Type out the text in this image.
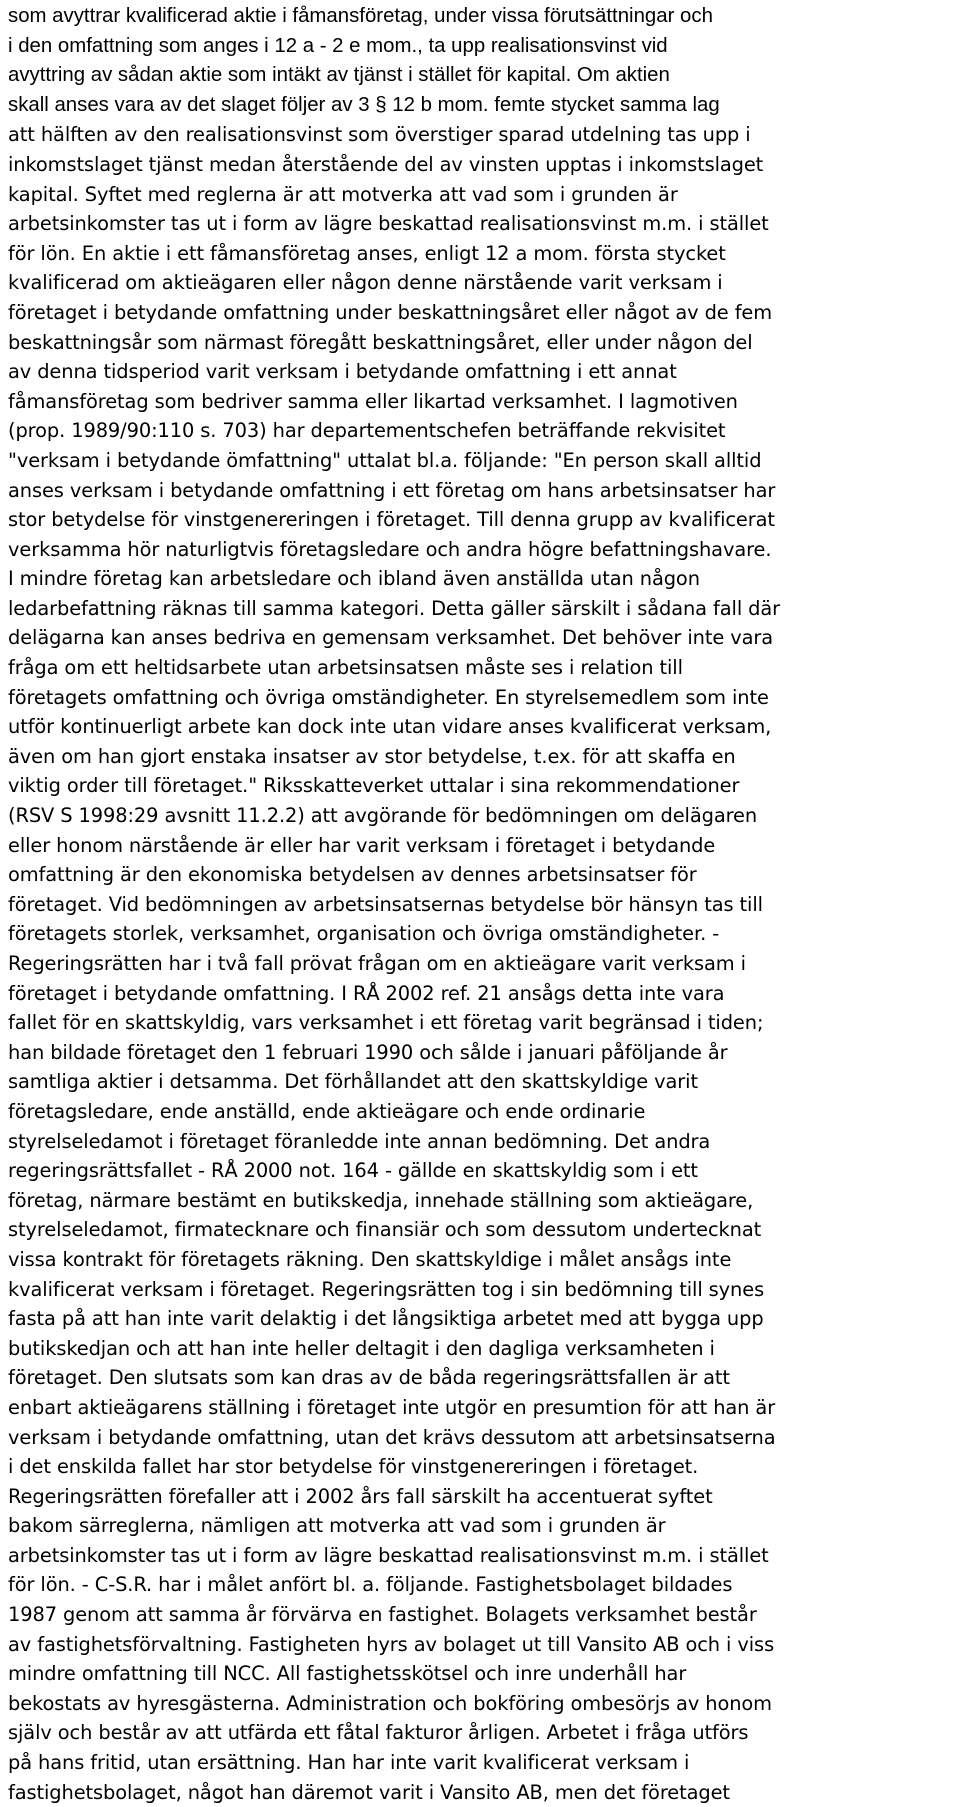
som avyttrar kvalificerad aktie i fåmansföretag, under vissa förutsättningar och
i den omfattning som anges i 12 a - 2 e mom., ta upp realisationsvinst vid
avyttring av sådan aktie som intäkt av tjänst i stället för kapital. Om aktien
skall anses vara av det slaget följer av 3 § 12 b mom. femte stycket samma lag
att hälften av den realisationsvinst som överstiger sparad utdelning tas upp i
inkomstslaget tjänst medan återstående del av vinsten upptas i inkomstslaget
kapital. Syftet med reglerna är att motverka att vad som i grunden är
arbetsinkomster tas ut i form av lägre beskattad realisationsvinst m.m. i stället
för lön. En aktie i ett fåmansföretag anses, enligt 12 a mom. första stycket
kvalificerad om aktieägaren eller någon denne närstående varit verksam i
företaget i betydande omfattning under beskattningsåret eller något av de fem
beskattningsår som närmast föregått beskattningsåret, eller under någon del
av denna tidsperiod varit verksam i betydande omfattning i ett annat
fåmansföretag som bedriver samma eller likartad verksamhet. I lagmotiven
(prop. 1989/90:110 s. 703) har departementschefen beträffande rekvisitet
"verksam i betydande ömfattning" uttalat bl.a. följande: "En person skall alltid
anses verksam i betydande omfattning i ett företag om hans arbetsinsatser har
stor betydelse för vinstgenereringen i företaget. Till denna grupp av kvalificerat
verksamma hör naturligtvis företagsledare och andra högre befattningshavare.
I mindre företag kan arbetsledare och ibland även anställda utan någon
ledarbefattning räknas till samma kategori. Detta gäller särskilt i sådana fall där
delägarna kan anses bedriva en gemensam verksamhet. Det behöver inte vara
fråga om ett heltidsarbete utan arbetsinsatsen måste ses i relation till
företagets omfattning och övriga omständigheter. En styrelsemedlem som inte
utför kontinuerligt arbete kan dock inte utan vidare anses kvalificerat verksam,
även om han gjort enstaka insatser av stor betydelse, t.ex. för att skaffa en
viktig order till företaget." Riksskatteverket uttalar i sina rekommendationer
(RSV S 1998:29 avsnitt 11.2.2) att avgörande för bedömningen om delägaren
eller honom närstående är eller har varit verksam i företaget i betydande
omfattning är den ekonomiska betydelsen av dennes arbetsinsatser för
företaget. Vid bedömningen av arbetsinsatsernas betydelse bör hänsyn tas till
företagets storlek, verksamhet, organisation och övriga omständigheter. -
Regeringsrätten har i två fall prövat frågan om en aktieägare varit verksam i
företaget i betydande omfattning. I RÅ 2002 ref. 21 ansågs detta inte vara
fallet för en skattskyldig, vars verksamhet i ett företag varit begränsad i tiden;
han bildade företaget den 1 februari 1990 och sålde i januari påföljande år
samtliga aktier i detsamma. Det förhållandet att den skattskyldige varit
företagsledare, ende anställd, ende aktieägare och ende ordinarie
styrelseledamot i företaget föranledde inte annan bedömning. Det andra
regeringsrättsfallet - RÅ 2000 not. 164 - gällde en skattskyldig som i ett
företag, närmare bestämt en butikskedja, innehade ställning som aktieägare,
styrelseledamot, firmatecknare och finansiär och som dessutom undertecknat
vissa kontrakt för företagets räkning. Den skattskyldige i målet ansågs inte
kvalificerat verksam i företaget. Regeringsrätten tog i sin bedömning till synes
fasta på att han inte varit delaktig i det långsiktiga arbetet med att bygga upp
butikskedjan och att han inte heller deltagit i den dagliga verksamheten i
företaget. Den slutsats som kan dras av de båda regeringsrättsfallen är att
enbart aktieägarens ställning i företaget inte utgör en presumtion för att han är
verksam i betydande omfattning, utan det krävs dessutom att arbetsinsatserna
i det enskilda fallet har stor betydelse för vinstgenereringen i företaget.
Regeringsrätten förefaller att i 2002 års fall särskilt ha accentuerat syftet
bakom särreglerna, nämligen att motverka att vad som i grunden är
arbetsinkomster tas ut i form av lägre beskattad realisationsvinst m.m. i stället
för lön. - C-S.R. har i målet anfört bl. a. följande. Fastighetsbolaget bildades
1987 genom att samma år förvärva en fastighet. Bolagets verksamhet består
av fastighetsförvaltning. Fastigheten hyrs av bolaget ut till Vansito AB och i viss
mindre omfattning till NCC. All fastighetsskötsel och inre underhåll har
bekostats av hyresgästerna. Administration och bokföring ombesörjs av honom
själv och består av att utfärda ett fåtal fakturor årligen. Arbetet i fråga utförs
på hans fritid, utan ersättning. Han har inte varit kvalificerat verksam i
fastighetsbolaget, något han däremot varit i Vansito AB, men det företaget
